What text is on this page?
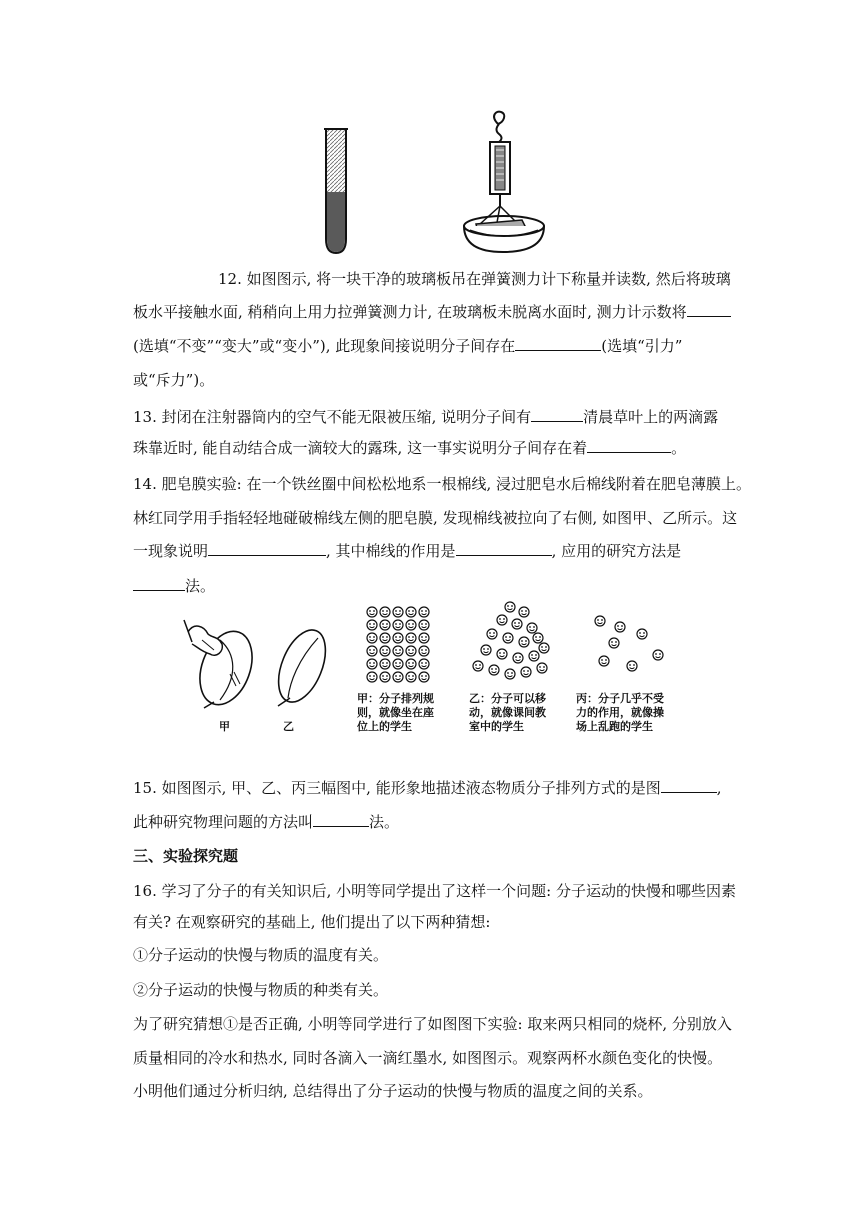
12. 如图图示, 将一块干净的玻璃板吊在弹簧测力计下称量并读数, 然后将玻璃
板水平接触水面, 稍稍向上用力拉弹簧测力计, 在玻璃板未脱离水面时, 测力计示数将
(选填“不变”“变大”或“变小”), 此现象间接说明分子间存在	(选填“引力”
或“斥力”)。
13. 封闭在注射器筒内的空气不能无限被压缩, 说明分子间有	清晨草叶上的两滴露
珠靠近时, 能自动结合成一滴较大的露珠, 这一事实说明分子间存在着	。
14. 肥皂膜实验: 在一个铁丝圈中间松松地系一根棉线, 浸过肥皂水后棉线附着在肥皂薄膜上。
林红同学用手指轻轻地碰破棉线左侧的肥皂膜, 发现棉线被拉向了右侧, 如图甲、乙所示。这
一现象说明	, 其中棉线的作用是	, 应用的研究方法是
法。
甲	乙
甲：分子排列规
则，就像坐在座
位上的学生
乙：分子可以移
动，就像课间教
室中的学生
丙：分子几乎不受
力的作用，就像操
场上乱跑的学生
15. 如图图示, 甲、乙、丙三幅图中, 能形象地描述液态物质分子排列方式的是图	,
此种研究物理问题的方法叫	法。
三、实验探究题
16. 学习了分子的有关知识后, 小明等同学提出了这样一个问题: 分子运动的快慢和哪些因素
有关? 在观察研究的基础上, 他们提出了以下两种猜想:
①分子运动的快慢与物质的温度有关。
②分子运动的快慢与物质的种类有关。
为了研究猜想①是否正确, 小明等同学进行了如图图下实验: 取来两只相同的烧杯, 分别放入
质量相同的冷水和热水, 同时各滴入一滴红墨水, 如图图示。观察两杯水颜色变化的快慢。
小明他们通过分析归纳, 总结得出了分子运动的快慢与物质的温度之间的关系。
